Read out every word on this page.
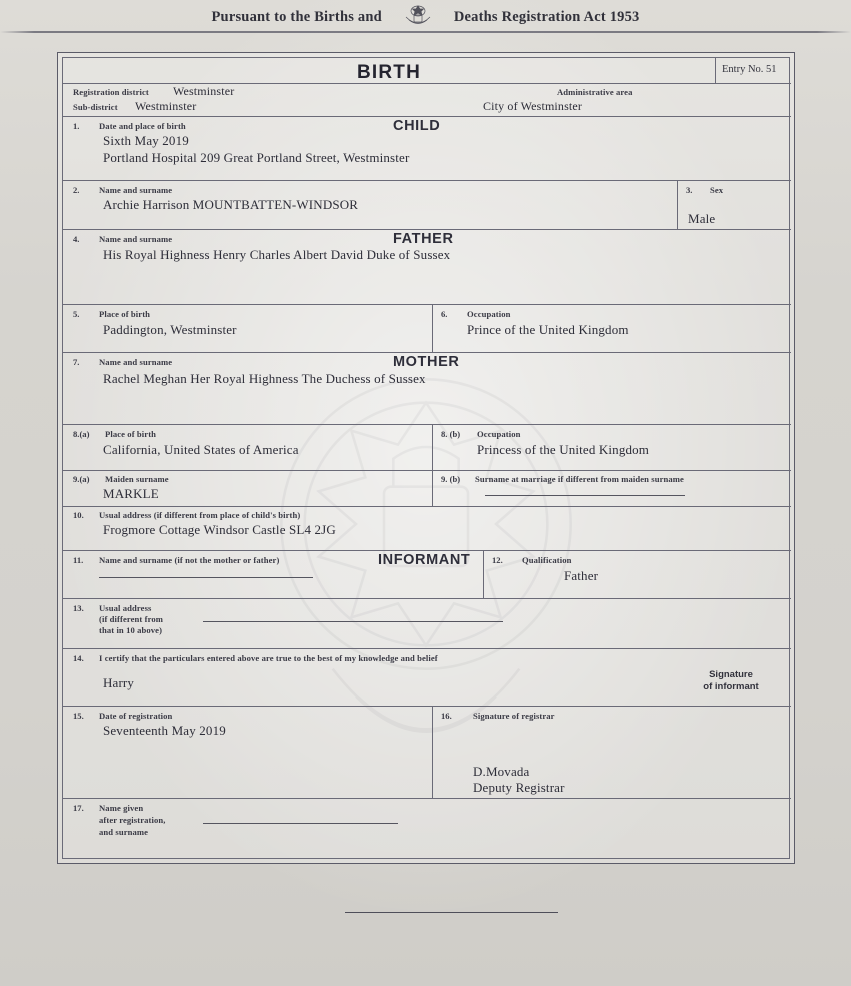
Pursuant to the Births and	Deaths Registration Act 1953
BIRTH	Entry No. 51
Registration district Westminster	Administrative area
Sub-district Westminster	City of Westminster
1. Date and place of birth	CHILD
Sixth May 2019
Portland Hospital 209 Great Portland Street, Westminster
2. Name and surname
Archie Harrison MOUNTBATTEN-WINDSOR
3. Sex
Male
4. Name and surname	FATHER
His Royal Highness Henry Charles Albert David Duke of Sussex
5. Place of birth
Paddington, Westminster
6. Occupation
Prince of the United Kingdom
7. Name and surname	MOTHER
Rachel Meghan Her Royal Highness The Duchess of Sussex
8.(a) Place of birth
California, United States of America
8. (b) Occupation
Princess of the United Kingdom
9.(a) Maiden surname
MARKLE
9. (b) Surname at marriage if different from maiden surname
10. Usual address (if different from place of child's birth)
Frogmore Cottage Windsor Castle SL4 2JG
11. Name and surname (if not the mother or father)	INFORMANT	12. Qualification
Father
13. Usual address
(if different from
that in 10 above)
14. I certify that the particulars entered above are true to the best of my knowledge and belief
Harry
Signature
of informant
15. Date of registration
Seventeenth May 2019
16. Signature of registrar
D.Movada
Deputy Registrar
17. Name given
after registration,
and surname
